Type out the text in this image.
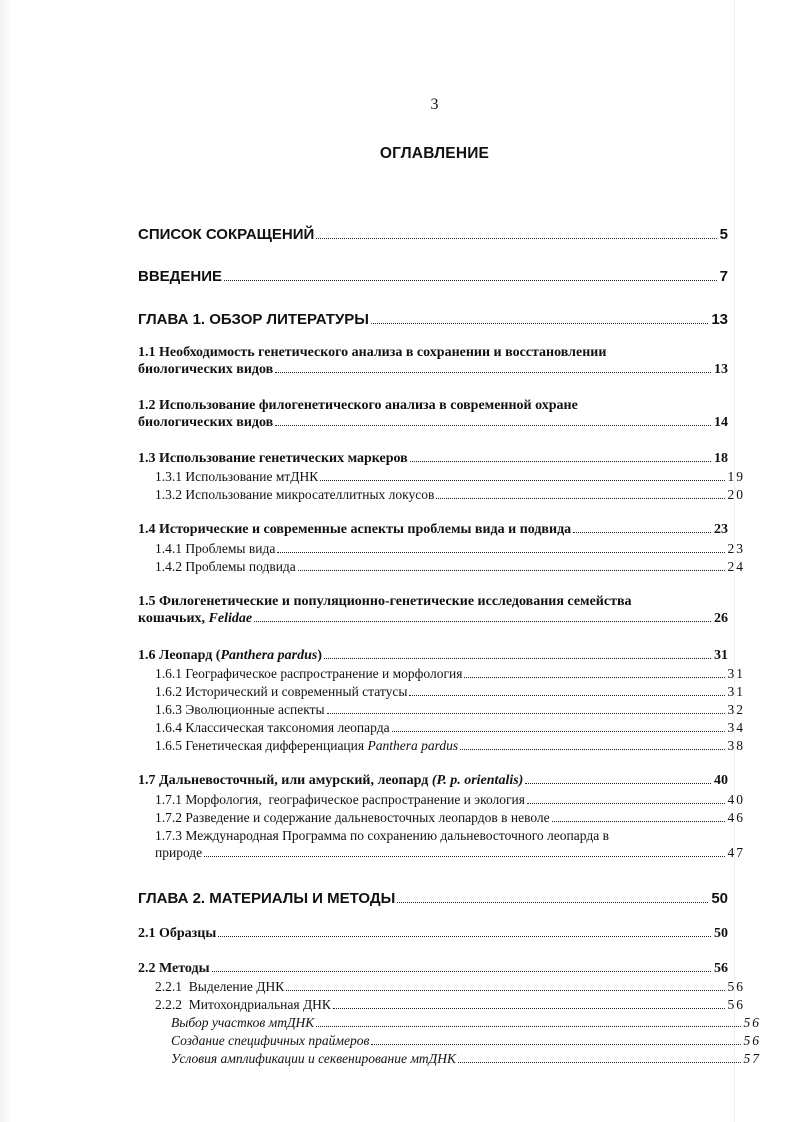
3
ОГЛАВЛЕНИЕ
СПИСОК СОКРАЩЕНИЙ	5
ВВЕДЕНИЕ	7
ГЛАВА 1. ОБЗОР ЛИТЕРАТУРЫ	13
1.1 Необходимость генетического анализа в сохранении и восстановлении
биологических видов	13
1.2 Использование филогенетического анализа в современной охране
биологических видов	14
1.3 Использование генетических маркеров	18
1.3.1 Использование мтДНК	19
1.3.2 Использование микросателлитных локусов	20
1.4 Исторические и современные аспекты проблемы вида и подвида	23
1.4.1 Проблемы вида	23
1.4.2 Проблемы подвида	24
1.5 Филогенетические и популяционно-генетические исследования семейства
кошачьих, Felidae	26
1.6 Леопард (Panthera pardus)	31
1.6.1 Географическое распространение и морфология	31
1.6.2 Исторический и современный статусы	31
1.6.3 Эволюционные аспекты	32
1.6.4 Классическая таксономия леопарда	34
1.6.5 Генетическая дифференциация Panthera pardus	38
1.7 Дальневосточный, или амурский, леопард (P. p. orientalis)	40
1.7.1 Морфология,  географическое распространение и экология	40
1.7.2 Разведение и содержание дальневосточных леопардов в неволе	46
1.7.3 Международная Программа по сохранению дальневосточного леопарда в
природе	47
ГЛАВА 2. МАТЕРИАЛЫ И МЕТОДЫ	50
2.1 Образцы	50
2.2 Методы	56
2.2.1  Выделение ДНК	56
2.2.2  Митохондриальная ДНК	56
Выбор участков мтДНК	56
Создание специфичных праймеров	56
Условия амплификации и секвенирование мтДНК	57
